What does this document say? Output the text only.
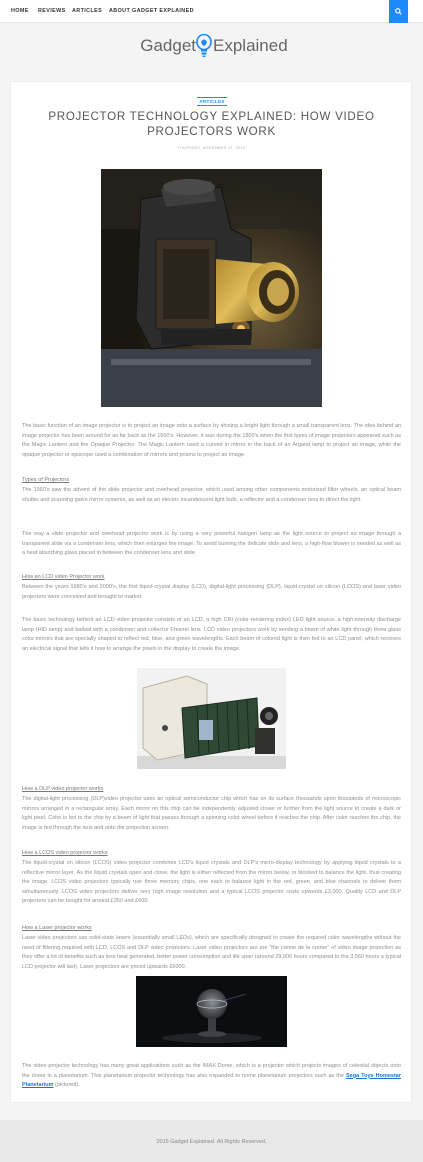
HOME REVIEWS ARTICLES ABOUT GADGET EXPLAINED
Gadget Explained
ARTICLES
PROJECTOR TECHNOLOGY EXPLAINED: HOW VIDEO PROJECTORS WORK
THURSDAY, NOVEMBER 19, 2015

The basic function of an image projector is to project an image onto a surface by shining a bright light through a small transparent lens. The idea behind an image projector has been around for as far back as the 1500's. However, it was during the 1800's when the first types of image projectors appeared such as the Magic Lantern and the Opaque Projector. The Magic Lantern used a curved in mirror in the back of an Argand lamp to project an image, while the opaque projector or episcope used a combination of mirrors and prisms to project an image.

Types of Projectors

The 1960's saw the advent of the slide projector and overhead projector, which used among other components motorized filter wheels, an optical beam shutter and scanning galvo mirror systems, as well as an electric incandescent light bulb, a reflector and a condenser lens to direct the light.

The way a slide projector and overhead projector work is by using a very powerful halogen lamp as the light source to project an image through a transparent slide via a condenser lens, which then enlarges the image. To avoid burning the delicate slide and lens, a high-flow blower is needed as well as a heat absorbing glass placed in between the condenser lens and slide.

How an LCD video Projector work

Between the years 1980's and 2000's, the first liquid-crystal display (LCD), digital-light processing (DLP), liquid-crystal on silicon (LCOS) and laser video projectors were conceived and brought to market.

The basic technology behind an LCD video projector consists of an LCD, a high CRI (color-rendering index) LED light source, a high-intensity discharge lamp (HID lamp) and ballast with a condenser and collector Fresnel lens. LCD video projectors work by sending a beam of white light through three glass color mirrors that are specially shaped to reflect red, blue, and green wavelengths. Each beam of colored light is then fed to an LCD panel, which receives an electrical signal that tells it how to arrange the pixels in the display to create the image.

How a DLP video projector works

The digital-light processing (DLP)video projector uses an optical semiconductor chip which has on its surface thousands upon thousands of microscopic mirrors arranged in a rectangular array. Each mirror on this chip can be independently adjusted closer or further from the light source to create a dark or light pixel. Color is fed to the chip by a beam of light that passes through a spinning color wheel before it reaches the chip. After color reaches the chip, the image is fed through the lens and onto the projection screen.

How a LCOS video projector works

The liquid-crystal on silicon (LCOS) video projector combines LCD's liquid crystals and DLP's micro-display technology by applying liquid crystals to a reflective mirror layer. As the liquid crystals open and close, the light is either reflected from the mirror below, or blocked to balance the light, thus creating the image. LCOS video projectors typically use three memory chips, one each to balance light in the red, green, and blue channels to deliver them simultaneously. LCOS video projectors deliver very high image resolution and a typical LCOS projector costs upwards £3,000. Quality LCD and DLP projectors can be bought for around £350 and £600.

How a Laser projector works

Laser video projectors use solid-state lasers (essentially small LEDs), which are specifically designed to create the required color wavelengths without the need of filtering required with LCD, LCOS and DLP video projectors. Laser video projectors are are "the creme de la creme" of video image projection as they offer a lot of benefits such as less heat generated, better power consumption and life span (around 29,000 hours compared to the 3,560 hours a typical LCD projector will last). Laser projectors are priced upwards £6000.

The video projector technology has many great applications such as the IMAX Dome, which is a projector which projects images of celestial objects onto the dome in a planetarium. This planetarium projector technology has also expanded to home planetarium projectors such as the Sega Toys Homestar Planetarium (pictured).

2015 Gadget Explained. All Rights Reserved.
